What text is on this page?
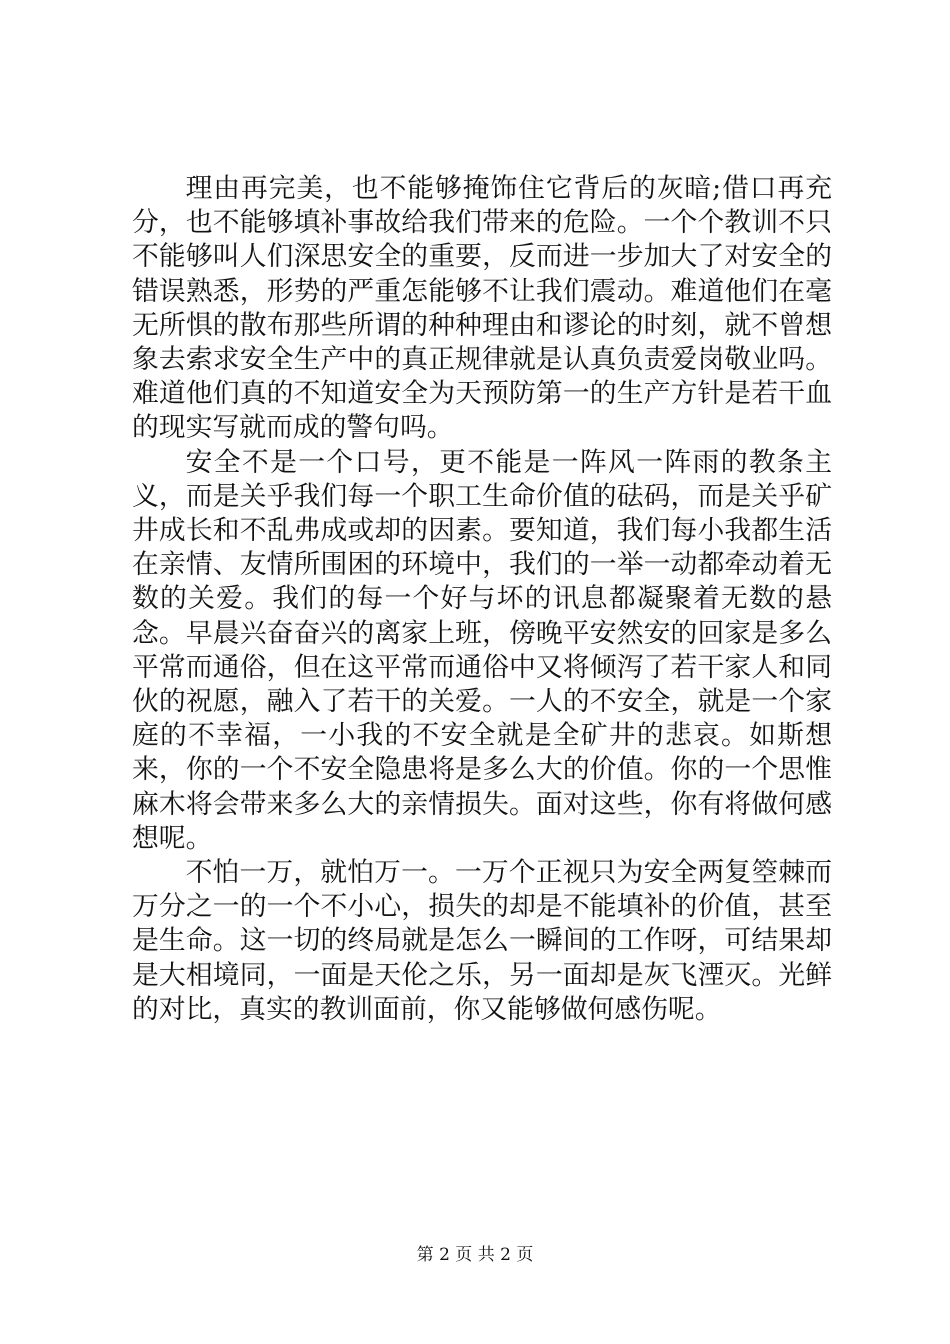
理由再完美，也不能够掩饰住它背后的灰暗;借口再充分，也不能够填补事故给我们带来的危险。一个个教训不只不能够叫人们深思安全的重要，反而进一步加大了对安全的错误熟悉，形势的严重怎能够不让我们震动。难道他们在毫无所惧的散布那些所谓的种种理由和谬论的时刻，就不曾想象去索求安全生产中的真正规律就是认真负责爱岗敬业吗。难道他们真的不知道安全为天预防第一的生产方针是若干血的现实写就而成的警句吗。

安全不是一个口号，更不能是一阵风一阵雨的教条主义，而是关乎我们每一个职工生命价值的砝码，而是关乎矿井成长和不乱弗成或却的因素。要知道，我们每小我都生活在亲情、友情所围困的环境中，我们的一举一动都牵动着无数的关爱。我们的每一个好与坏的讯息都凝聚着无数的悬念。早晨兴奋奋兴的离家上班，傍晚平安然安的回家是多么平常而通俗，但在这平常而通俗中又将倾泻了若干家人和同伙的祝愿，融入了若干的关爱。一人的不安全，就是一个家庭的不幸福，一小我的不安全就是全矿井的悲哀。如斯想来，你的一个不安全隐患将是多么大的价值。你的一个思惟麻木将会带来多么大的亲情损失。面对这些，你有将做何感想呢。

不怕一万，就怕万一。一万个正视只为安全两复箜棘而万分之一的一个不小心，损失的却是不能填补的价值，甚至是生命。这一切的终局就是怎么一瞬间的工作呀，可结果却是大相境同，一面是天伦之乐，另一面却是灰飞湮灭。光鲜的对比，真实的教训面前，你又能够做何感伤呢。

第 2 页 共 2 页
